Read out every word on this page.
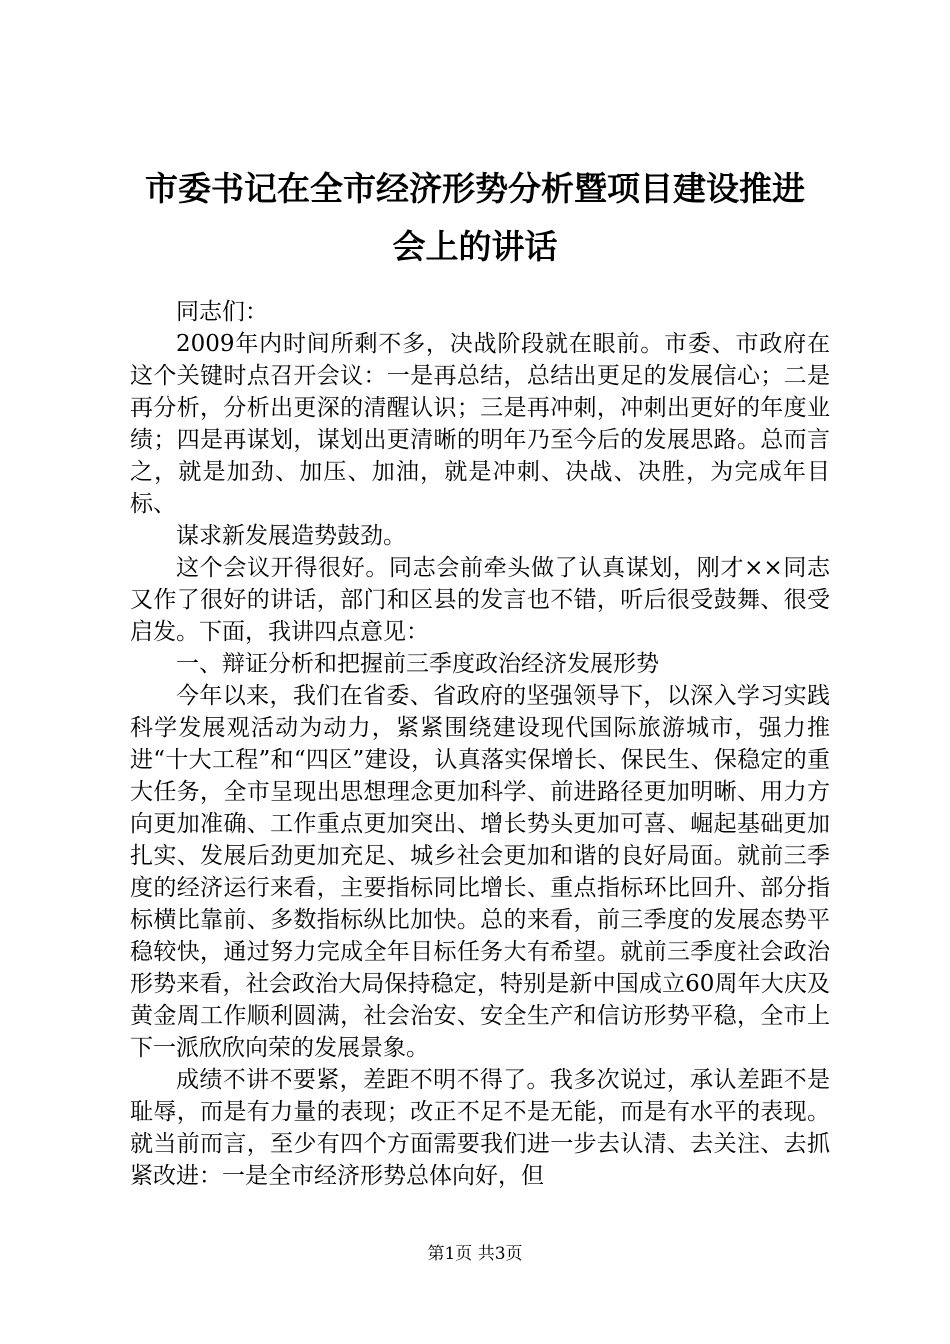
市委书记在全市经济形势分析暨项目建设推进
会上的讲话

同志们：

2009年内时间所剩不多，决战阶段就在眼前。市委、市政府在这个关键时点召开会议：一是再总结，总结出更足的发展信心；二是再分析，分析出更深的清醒认识；三是再冲刺，冲刺出更好的年度业绩；四是再谋划，谋划出更清晰的明年乃至今后的发展思路。总而言之，就是加劲、加压、加油，就是冲刺、决战、决胜，为完成年目标、

谋求新发展造势鼓劲。

这个会议开得很好。同志会前牵头做了认真谋划，刚才××同志又作了很好的讲话，部门和区县的发言也不错，听后很受鼓舞、很受启发。下面，我讲四点意见：

一、辩证分析和把握前三季度政治经济发展形势

今年以来，我们在省委、省政府的坚强领导下，以深入学习实践科学发展观活动为动力，紧紧围绕建设现代国际旅游城市，强力推进“十大工程”和“四区”建设，认真落实保增长、保民生、保稳定的重大任务，全市呈现出思想理念更加科学、前进路径更加明晰、用力方向更加准确、工作重点更加突出、增长势头更加可喜、崛起基础更加扎实、发展后劲更加充足、城乡社会更加和谐的良好局面。就前三季度的经济运行来看，主要指标同比增长、重点指标环比回升、部分指标横比靠前、多数指标纵比加快。总的来看，前三季度的发展态势平稳较快，通过努力完成全年目标任务大有希望。就前三季度社会政治形势来看，社会政治大局保持稳定，特别是新中国成立60周年大庆及黄金周工作顺利圆满，社会治安、安全生产和信访形势平稳，全市上下一派欣欣向荣的发展景象。

成绩不讲不要紧，差距不明不得了。我多次说过，承认差距不是耻辱，而是有力量的表现；改正不足不是无能，而是有水平的表现。就当前而言，至少有四个方面需要我们进一步去认清、去关注、去抓紧改进：一是全市经济形势总体向好，但

第1页 共3页
